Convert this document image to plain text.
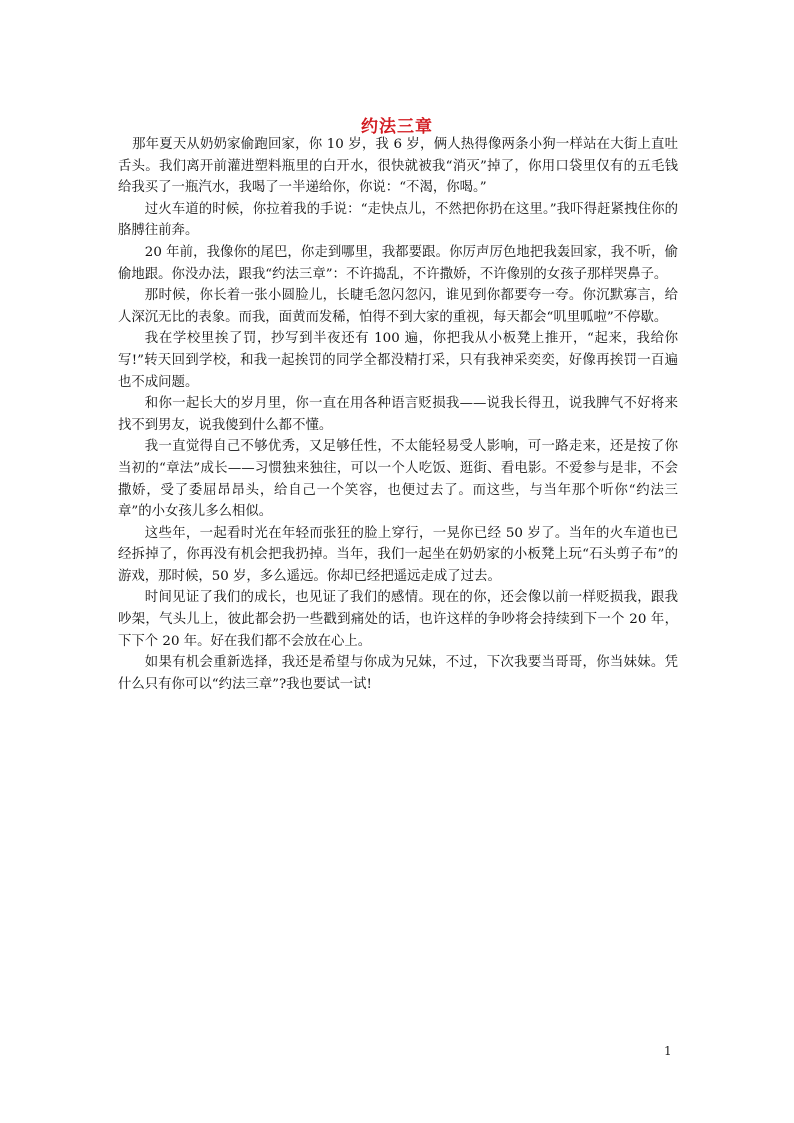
约法三章

那年夏天从奶奶家偷跑回家，你 10 岁，我 6 岁，俩人热得像两条小狗一样站在大街上直吐舌头。我们离开前灌进塑料瓶里的白开水，很快就被我“消灭”掉了，你用口袋里仅有的五毛钱给我买了一瓶汽水，我喝了一半递给你，你说：“不渴，你喝。”

过火车道的时候，你拉着我的手说：“走快点儿，不然把你扔在这里。”我吓得赶紧拽住你的胳膊往前奔。

20 年前，我像你的尾巴，你走到哪里，我都要跟。你厉声厉色地把我轰回家，我不听，偷偷地跟。你没办法，跟我“约法三章”：不许捣乱，不许撒娇，不许像别的女孩子那样哭鼻子。

那时候，你长着一张小圆脸儿，长睫毛忽闪忽闪，谁见到你都要夸一夸。你沉默寡言，给人深沉无比的表象。而我，面黄而发稀，怕得不到大家的重视，每天都会“叽里呱啦”不停歇。

我在学校里挨了罚，抄写到半夜还有 100 遍，你把我从小板凳上推开，“起来，我给你写!”转天回到学校，和我一起挨罚的同学全都没精打采，只有我神采奕奕，好像再挨罚一百遍也不成问题。

和你一起长大的岁月里，你一直在用各种语言贬损我——说我长得丑，说我脾气不好将来找不到男友，说我傻到什么都不懂。

我一直觉得自己不够优秀，又足够任性，不太能轻易受人影响，可一路走来，还是按了你当初的“章法”成长——习惯独来独往，可以一个人吃饭、逛街、看电影。不爱参与是非，不会撒娇，受了委屈昂昂头，给自己一个笑容，也便过去了。而这些，与当年那个听你“约法三章”的小女孩儿多么相似。

这些年，一起看时光在年轻而张狂的脸上穿行，一晃你已经 50 岁了。当年的火车道也已经拆掉了，你再没有机会把我扔掉。当年，我们一起坐在奶奶家的小板凳上玩“石头剪子布”的游戏，那时候，50 岁，多么遥远。你却已经把遥远走成了过去。

时间见证了我们的成长，也见证了我们的感情。现在的你，还会像以前一样贬损我，跟我吵架，气头儿上，彼此都会扔一些戳到痛处的话，也许这样的争吵将会持续到下一个 20 年，下下个 20 年。好在我们都不会放在心上。

如果有机会重新选择，我还是希望与你成为兄妹，不过，下次我要当哥哥，你当妹妹。凭什么只有你可以“约法三章”?我也要试一试!

1
